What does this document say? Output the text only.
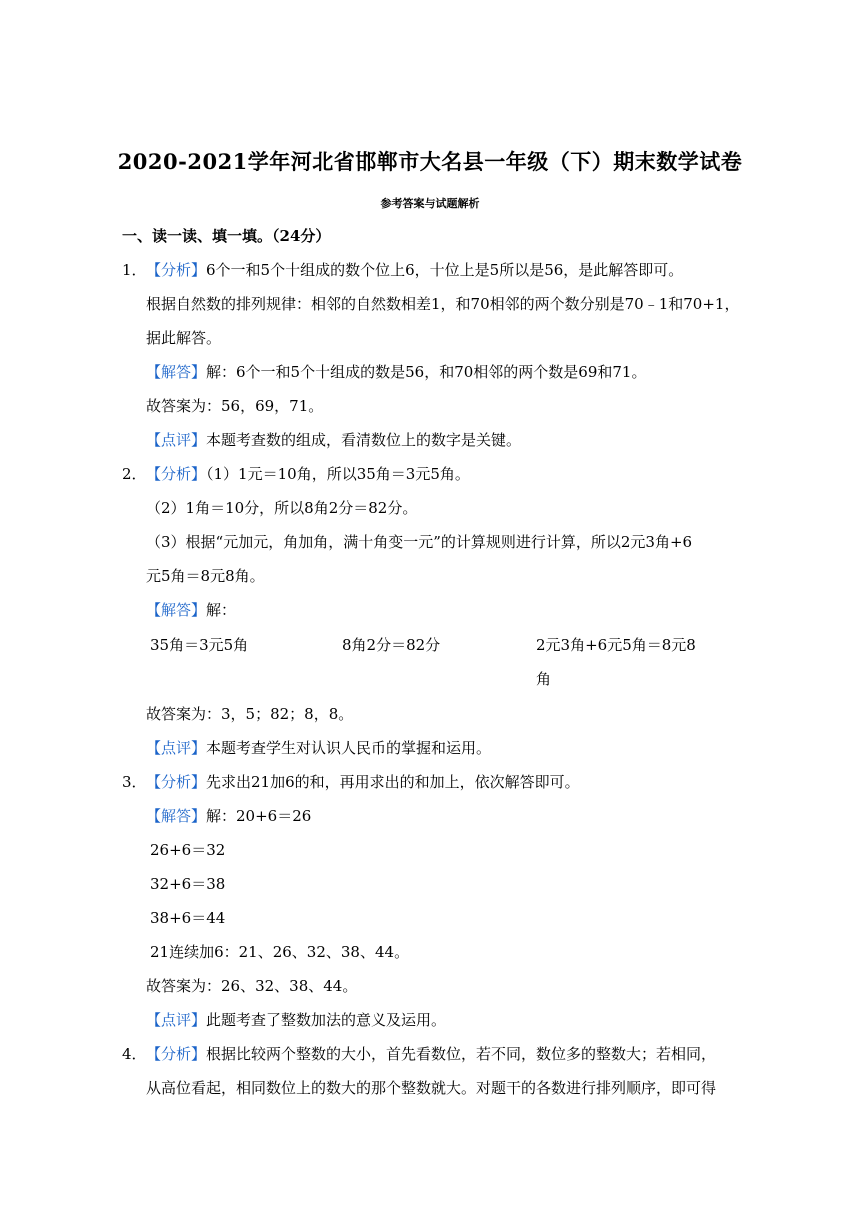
2020-2021学年河北省邯郸市大名县一年级（下）期末数学试卷
参考答案与试题解析
一、读一读、填一填。（24分）
1． 【分析】6个一和5个十组成的数个位上6，十位上是5所以是56，是此解答即可。
根据自然数的排列规律：相邻的自然数相差1，和70相邻的两个数分别是70﹣1和70+1，
据此解答。
【解答】解：6个一和5个十组成的数是56，和70相邻的两个数是69和71。
故答案为：56，69，71。
【点评】本题考查数的组成，看清数位上的数字是关键。
2． 【分析】（1）1元＝10角，所以35角＝3元5角。
（2）1角＝10分，所以8角2分＝82分。
（3）根据“元加元，角加角，满十角变一元”的计算规则进行计算，所以2元3角+6
元5角＝8元8角。
【解答】解：
35角＝3元5角	8角2分＝82分	2元3角+6元5角＝8元8
角
故答案为：3，5；82；8，8。
【点评】本题考查学生对认识人民币的掌握和运用。
3． 【分析】先求出21加6的和，再用求出的和加上，依次解答即可。
【解答】解：20+6＝26
26+6＝32
32+6＝38
38+6＝44
21连续加6：21、26、32、38、44。
故答案为：26、32、38、44。
【点评】此题考查了整数加法的意义及运用。
4． 【分析】根据比较两个整数的大小，首先看数位，若不同，数位多的整数大；若相同，
从高位看起，相同数位上的数大的那个整数就大。对题干的各数进行排列顺序，即可得
